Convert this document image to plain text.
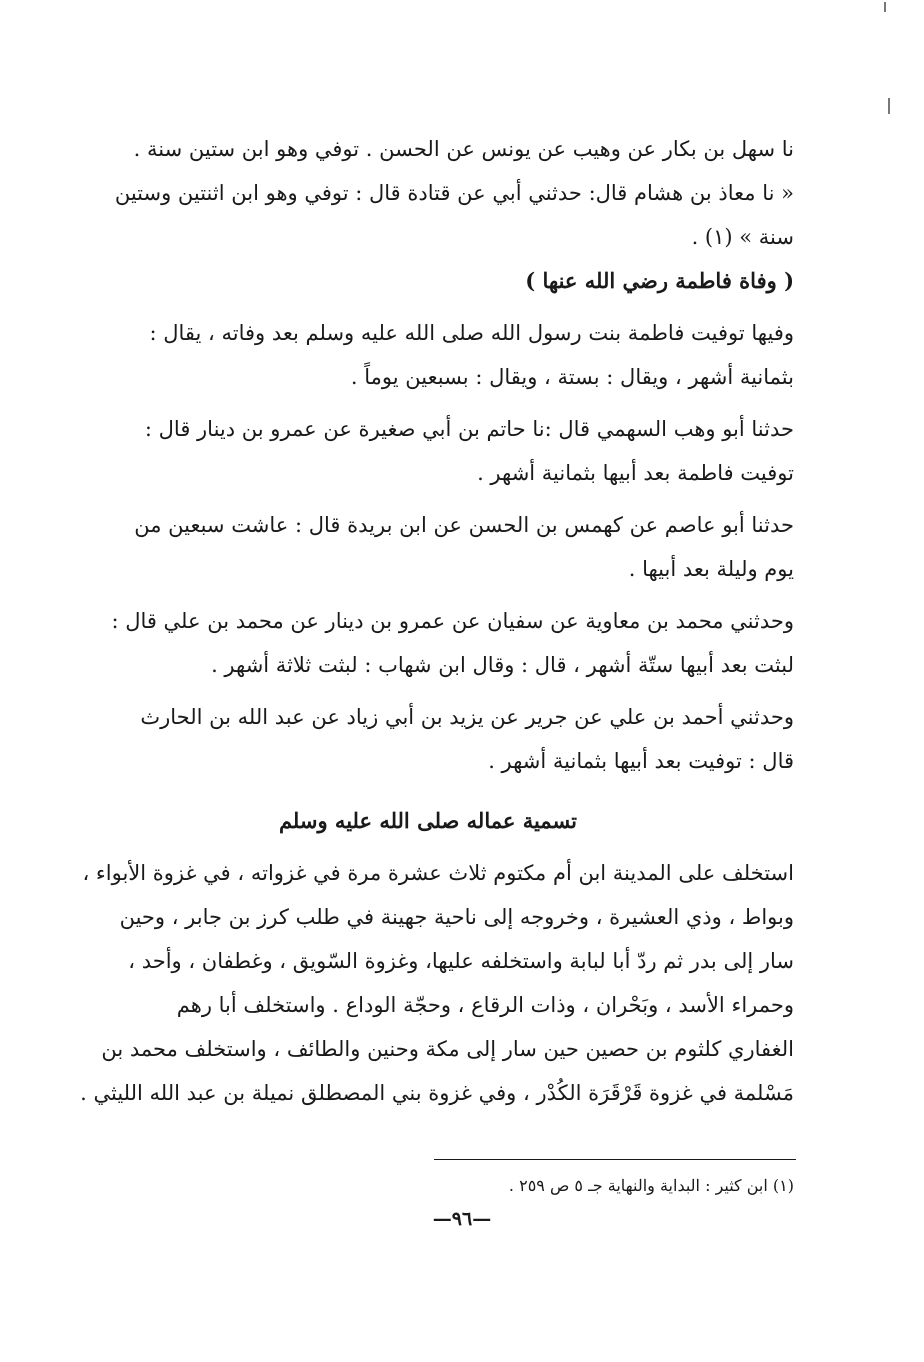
نا سهل بن بكار عن وهيب عن يونس عن الحسن . توفي وهو ابن ستين سنة .
« نا معاذ بن هشام قال: حدثني أبي عن قتادة قال : توفي وهو ابن اثنتين وستين
سنة » (١) .
( وفاة فاطمة رضي الله عنها )
وفيها توفيت فاطمة بنت رسول الله صلى الله عليه وسلم بعد وفاته ، يقال :
بثمانية أشهر ، ويقال : بستة ، ويقال : بسبعين يوماً .
حدثنا أبو وهب السهمي قال :نا حاتم بن أبي صغيرة عن عمرو بن دينار قال :
توفيت فاطمة بعد أبيها بثمانية أشهر .
حدثنا أبو عاصم عن كهمس بن الحسن عن ابن بريدة قال : عاشت سبعين من
يوم وليلة بعد أبيها .
وحدثني محمد بن معاوية عن سفيان عن عمرو بن دينار عن محمد بن علي قال :
لبثت بعد أبيها ستّة أشهر ، قال : وقال ابن شهاب : لبثت ثلاثة أشهر .
وحدثني أحمد بن علي عن جرير عن يزيد بن أبي زياد عن عبد الله بن الحارث
قال : توفيت بعد أبيها بثمانية أشهر .
تسمية عماله صلى الله عليه وسلم
استخلف على المدينة ابن أم مكتوم ثلاث عشرة مرة في غزواته ، في غزوة الأبواء ،
وبواط ، وذي العشيرة ، وخروجه إلى ناحية جهينة في طلب كرز بن جابر ، وحين
سار إلى بدر ثم ردّ أبا لبابة واستخلفه عليها، وغزوة السّويق ، وغطفان ، وأحد ،
وحمراء الأسد ، وبَحْران ، وذات الرقاع ، وحجّة الوداع . واستخلف أبا رهم
الغفاري كلثوم بن حصين حين سار إلى مكة وحنين والطائف ، واستخلف محمد بن
مَسْلمة في غزوة قَرْقَرَة الكُدْر ، وفي غزوة بني المصطلق نميلة بن عبد الله الليثي .
(١) ابن كثير : البداية والنهاية جـ ٥ ص ٢٥٩ .
—٩٦—
